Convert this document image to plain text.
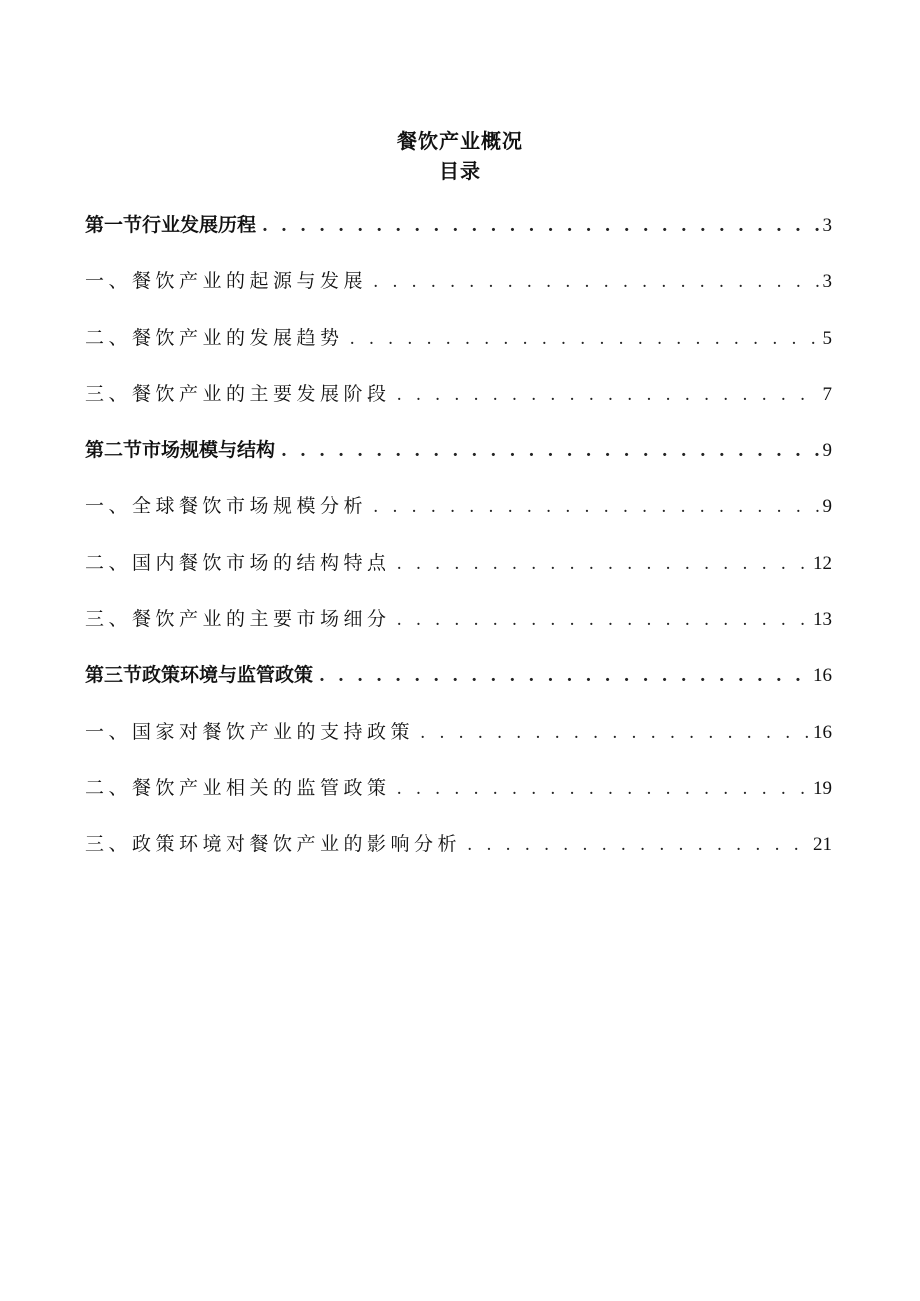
餐饮产业概况
目录
第一节行业发展历程 . . .	3
一、餐饮产业的起源与发展 . . .	3
二、餐饮产业的发展趋势 . . .	5
三、餐饮产业的主要发展阶段 . . .	7
第二节市场规模与结构 . . .	9
一、全球餐饮市场规模分析 . . .	9
二、国内餐饮市场的结构特点 . . .	12
三、餐饮产业的主要市场细分 . . .	13
第三节政策环境与监管政策 . . .	16
一、国家对餐饮产业的支持政策 . . .	16
二、餐饮产业相关的监管政策 . . .	19
三、政策环境对餐饮产业的影响分析 . . .	21
